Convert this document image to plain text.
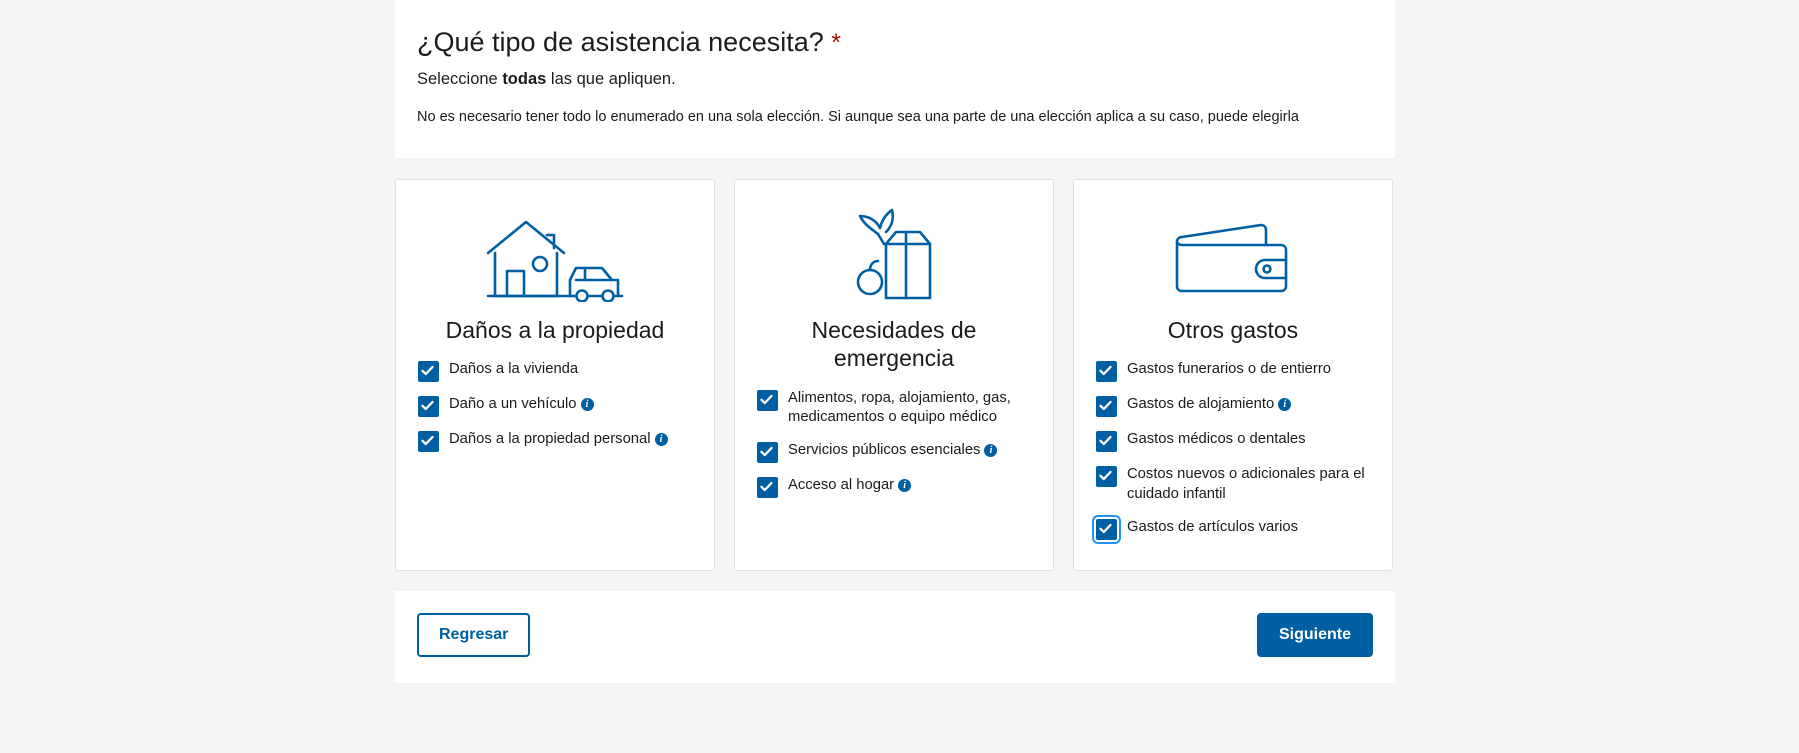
¿Qué tipo de asistencia necesita? *

Seleccione todas las que apliquen.

No es necesario tener todo lo enumerado en una sola elección. Si aunque sea una parte de una elección aplica a su caso, puede elegirla

Daños a la propiedad
Daños a la vivienda
Daño a un vehículo i
Daños a la propiedad personal i
Necesidades de emergencia
Alimentos, ropa, alojamiento, gas, medicamentos o equipo médico
Servicios públicos esenciales i
Acceso al hogar i
Otros gastos
Gastos funerarios o de entierro
Gastos de alojamiento i
Gastos médicos o dentales
Costos nuevos o adicionales para el cuidado infantil
Gastos de artículos varios
Regresar	Siguiente
